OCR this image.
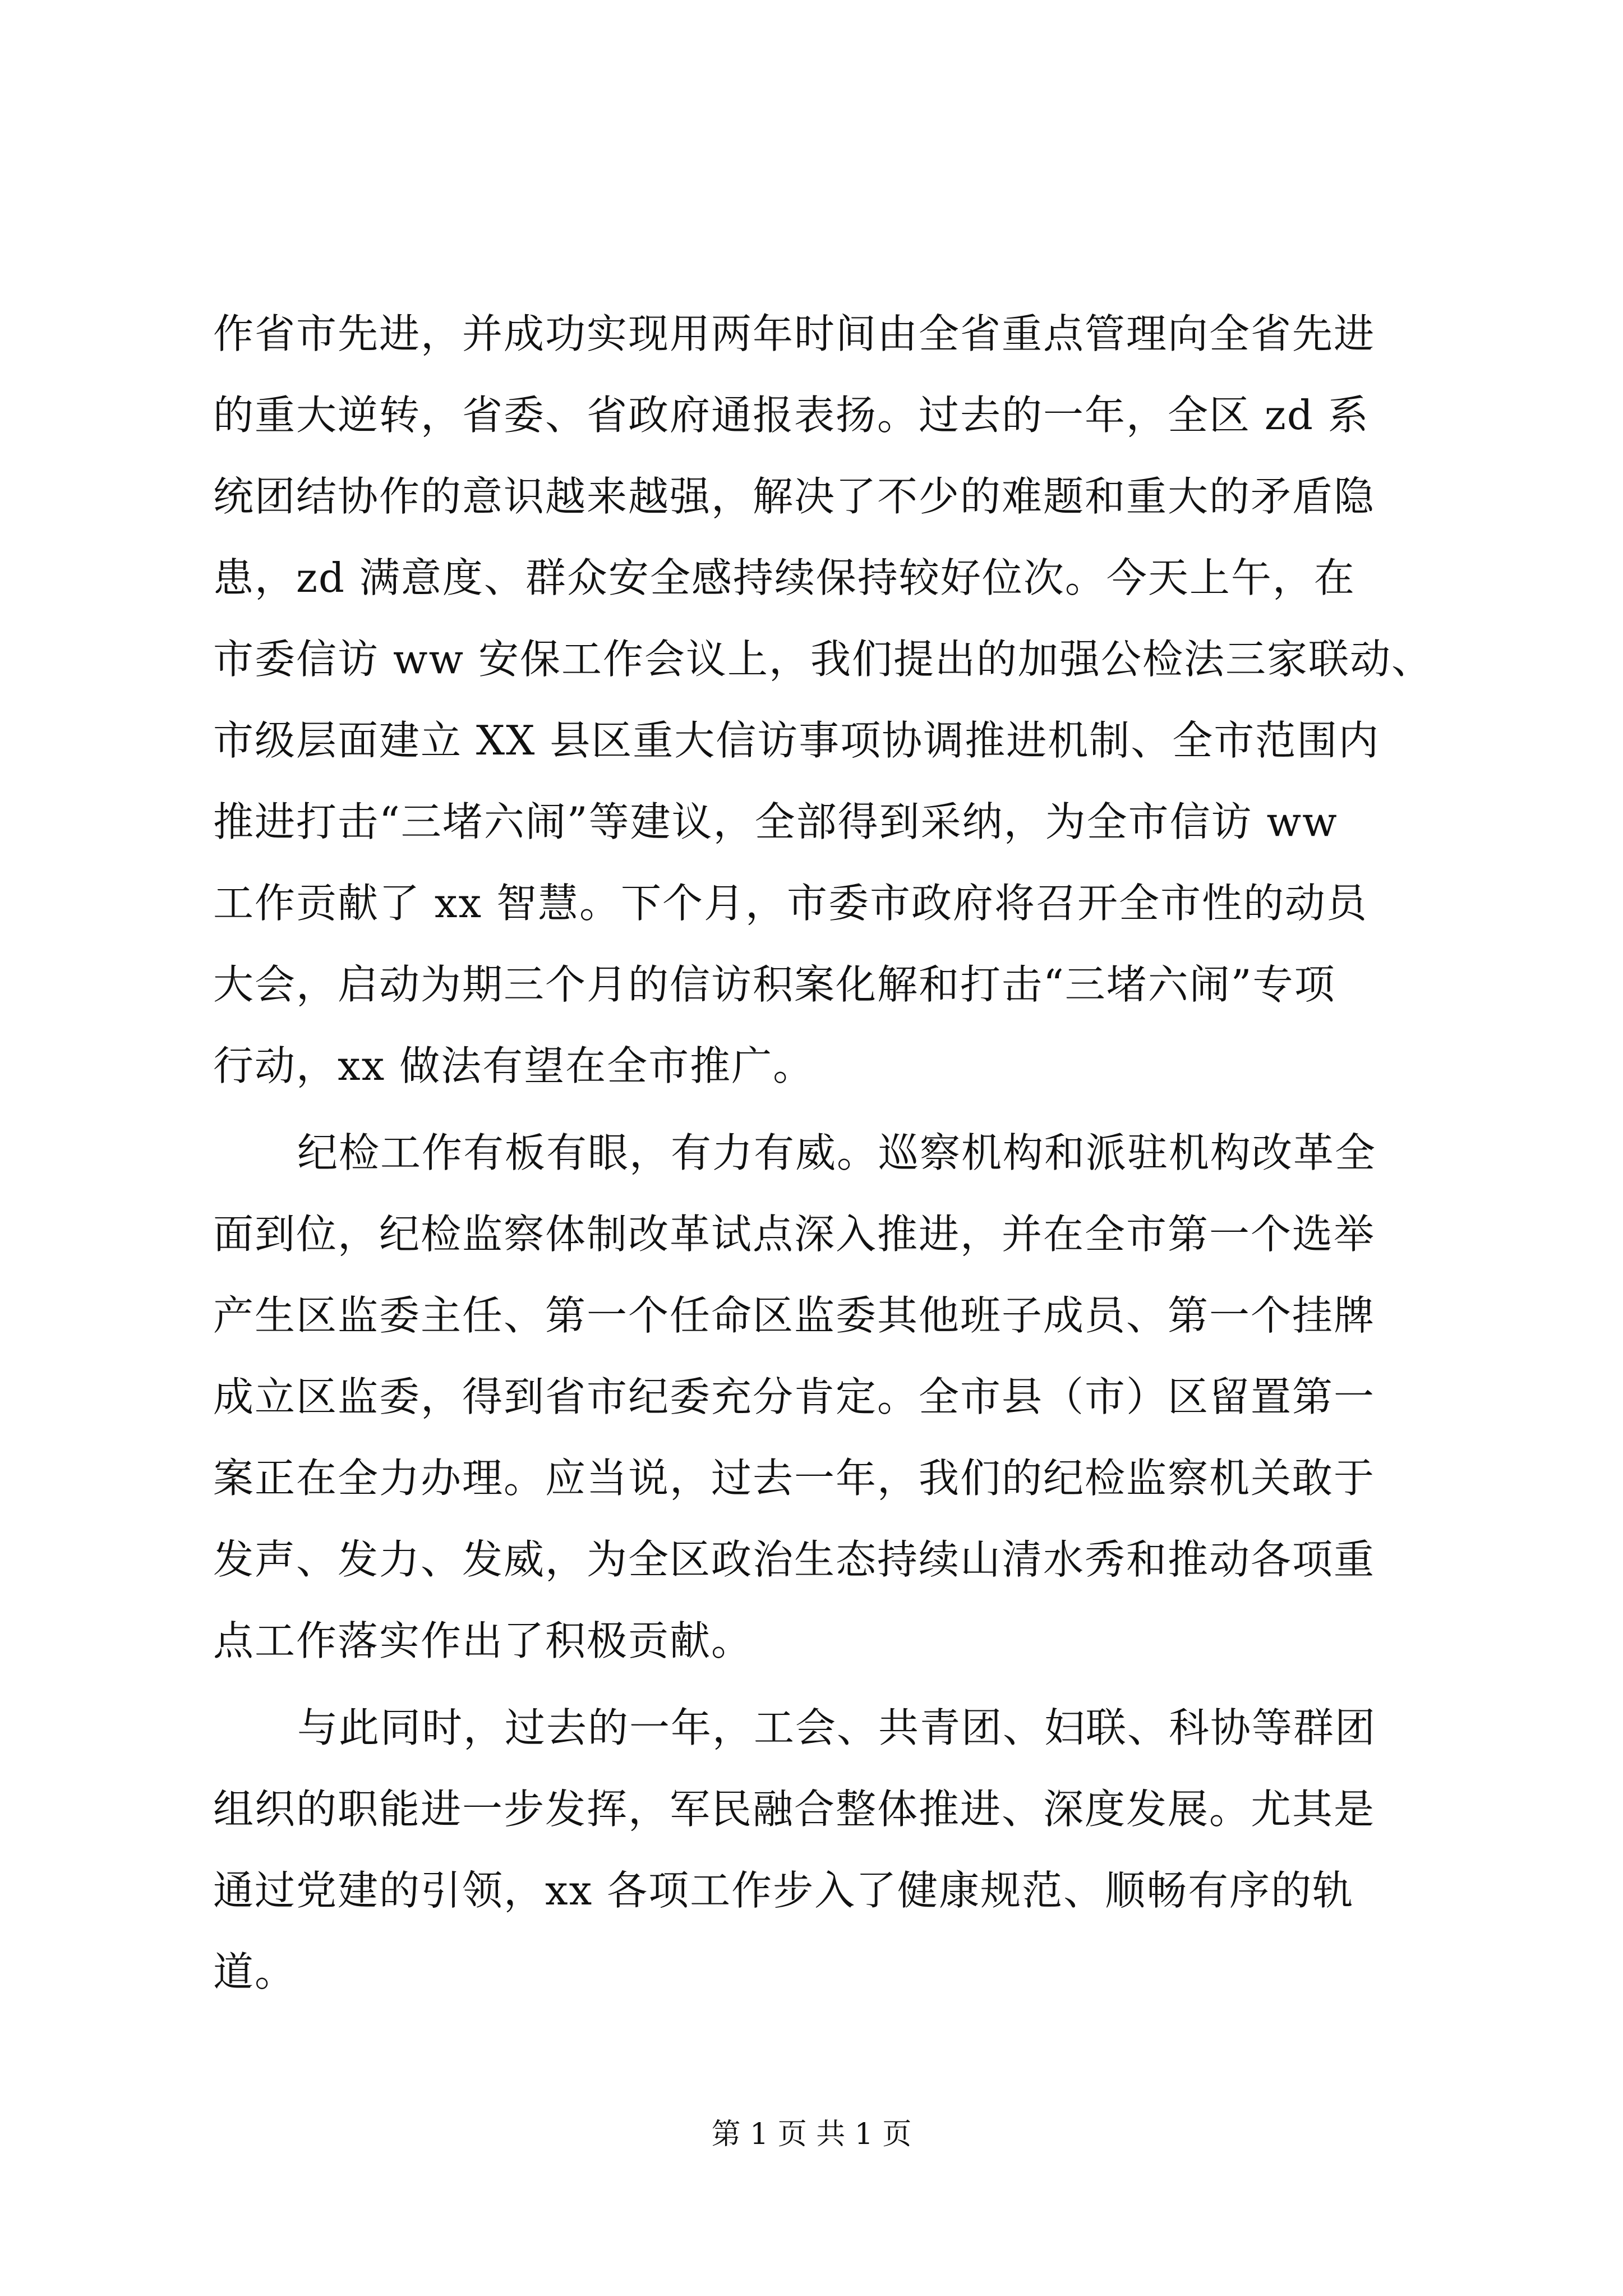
作省市先进，并成功实现用两年时间由全省重点管理向全省先进
的重大逆转，省委、省政府通报表扬。过去的一年，全区 zd 系
统团结协作的意识越来越强，解决了不少的难题和重大的矛盾隐
患，zd 满意度、群众安全感持续保持较好位次。今天上午，在
市委信访 ww 安保工作会议上，我们提出的加强公检法三家联动、
市级层面建立 XX 县区重大信访事项协调推进机制、全市范围内
推进打击“三堵六闹”等建议，全部得到采纳，为全市信访 ww
工作贡献了 xx 智慧。下个月，市委市政府将召开全市性的动员
大会，启动为期三个月的信访积案化解和打击“三堵六闹”专项
行动，xx 做法有望在全市推广。
纪检工作有板有眼，有力有威。巡察机构和派驻机构改革全
面到位，纪检监察体制改革试点深入推进，并在全市第一个选举
产生区监委主任、第一个任命区监委其他班子成员、第一个挂牌
成立区监委，得到省市纪委充分肯定。全市县（市）区留置第一
案正在全力办理。应当说，过去一年，我们的纪检监察机关敢于
发声、发力、发威，为全区政治生态持续山清水秀和推动各项重
点工作落实作出了积极贡献。
与此同时，过去的一年，工会、共青团、妇联、科协等群团
组织的职能进一步发挥，军民融合整体推进、深度发展。尤其是
通过党建的引领，xx 各项工作步入了健康规范、顺畅有序的轨
道。
第 1 页 共 1 页
